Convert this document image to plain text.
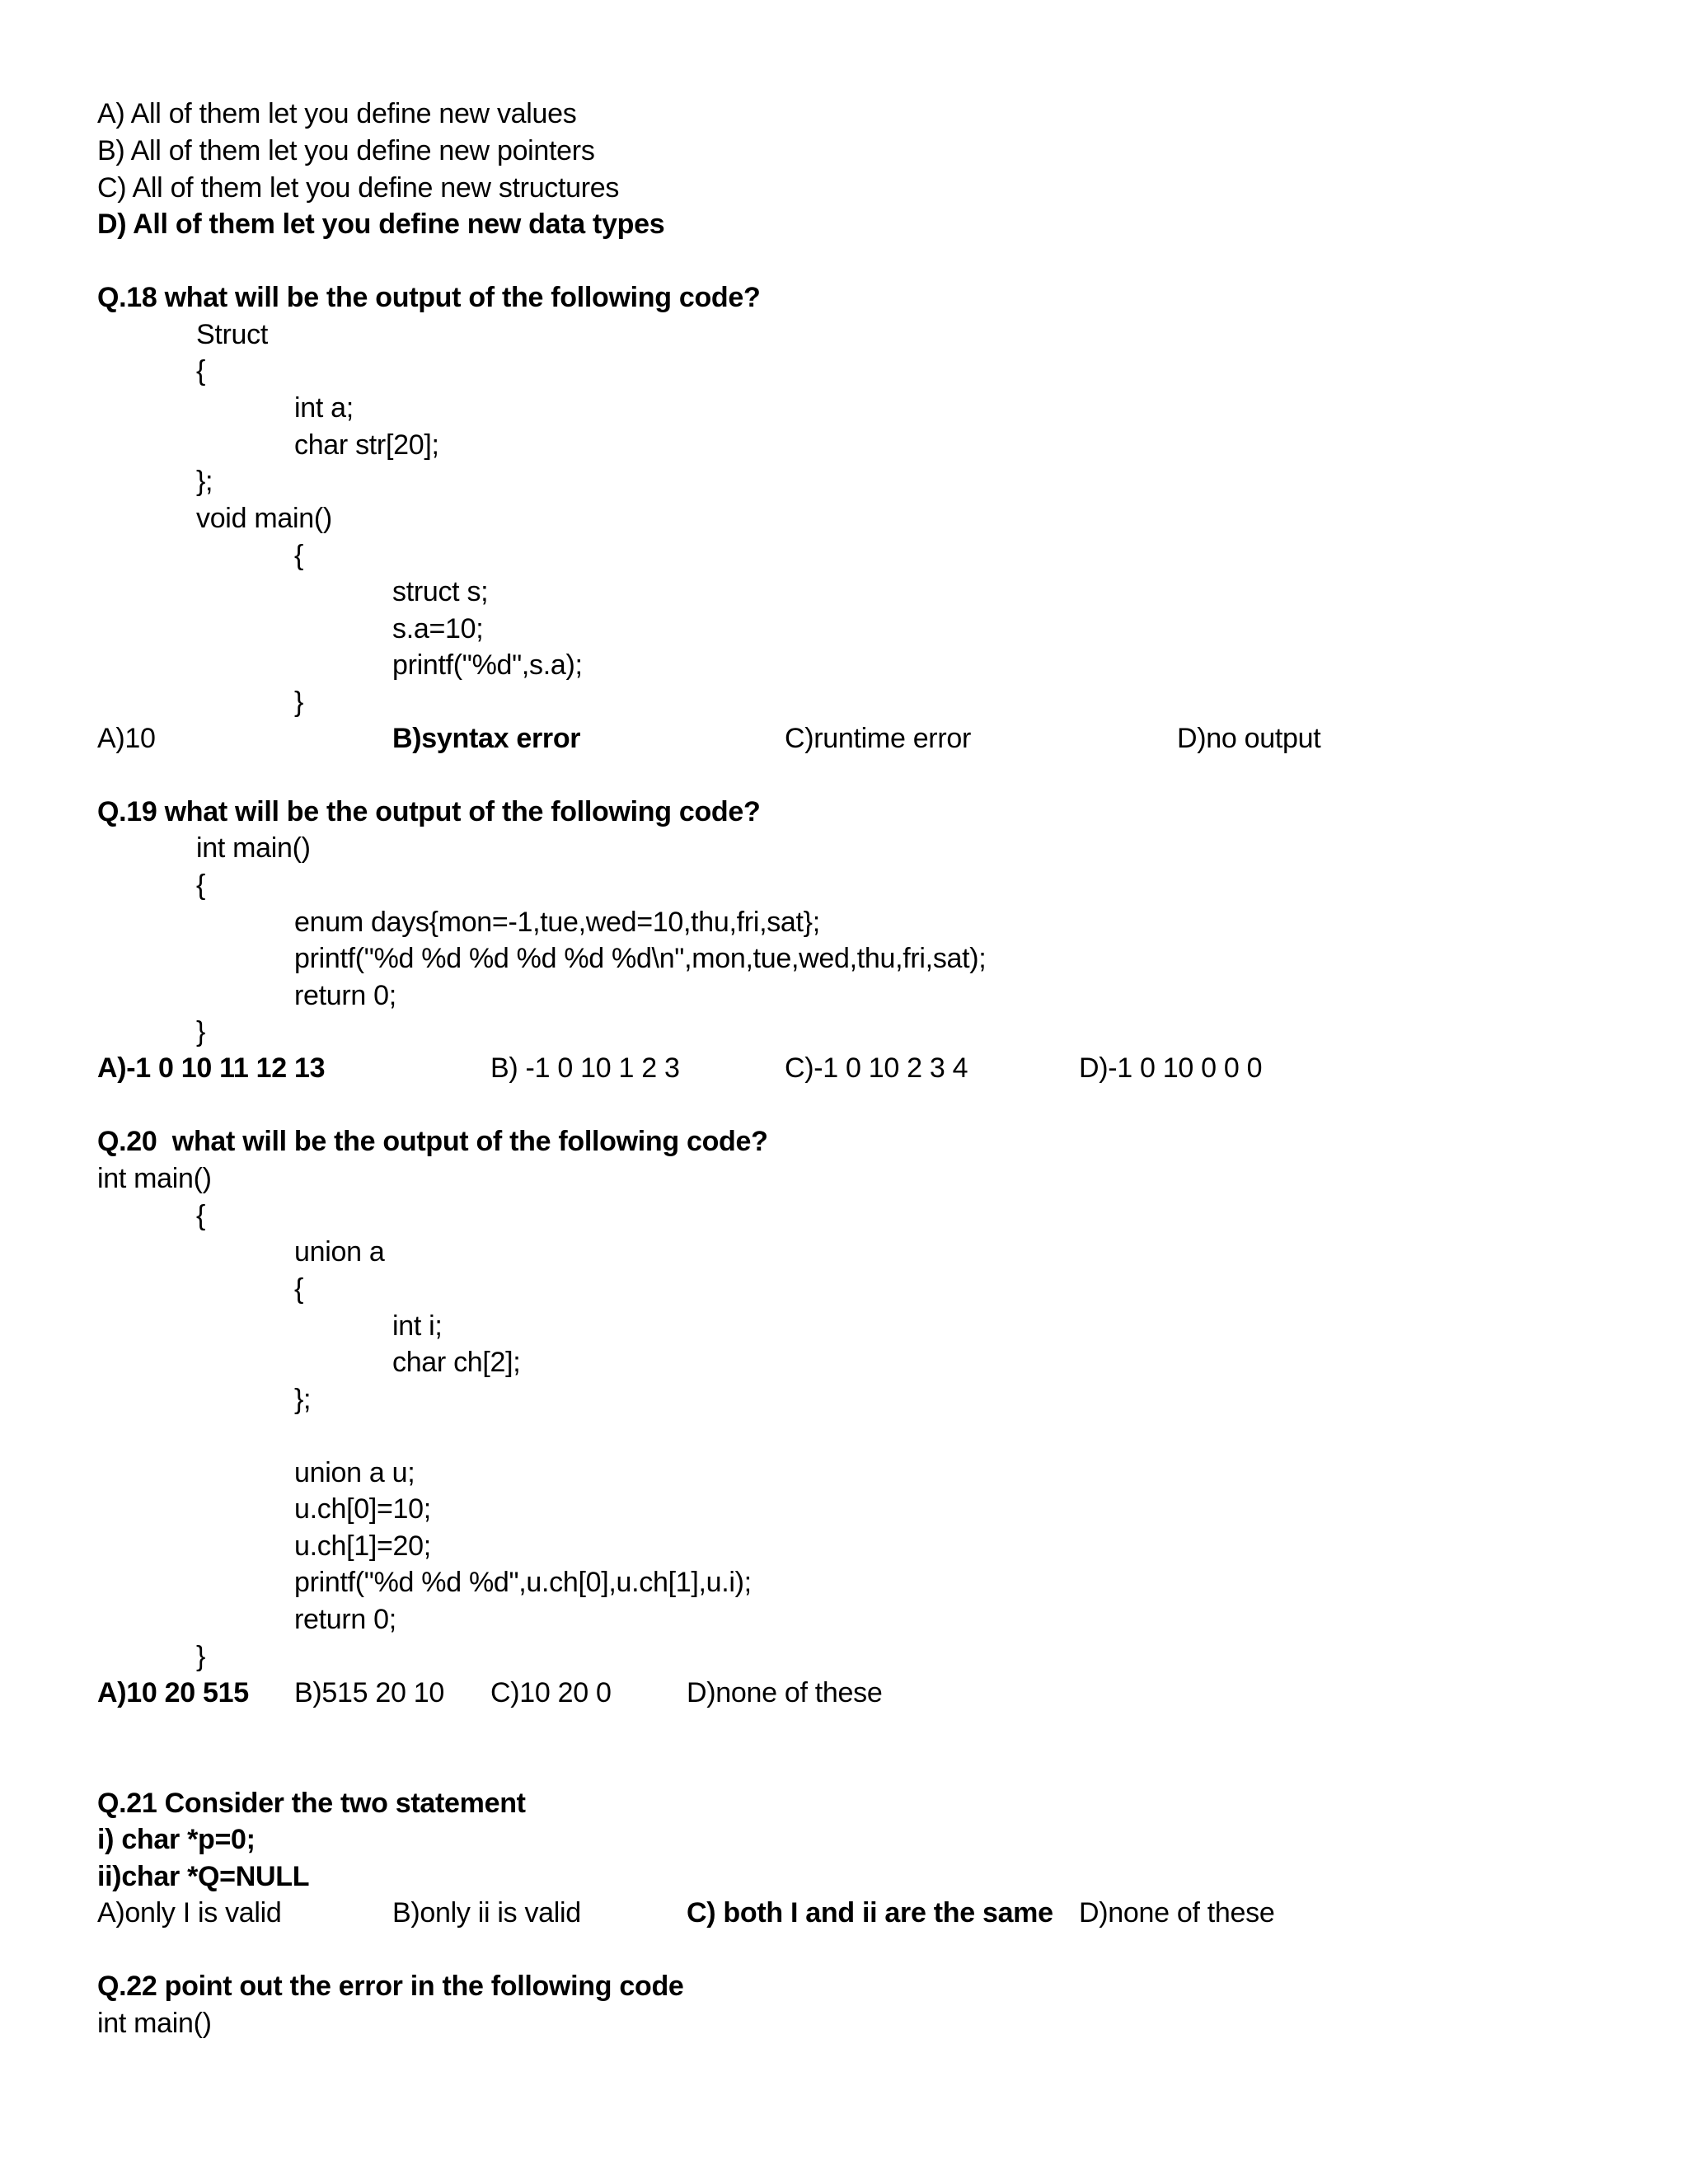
A) All of them let you define new values
B) All of them let you define new pointers
C) All of them let you define new structures
D) All of them let you define new data types
Q.18 what will be the output of the following code?
Struct
{
int a;
char str[20];
};
void main()
{
struct s;
s.a=10;
printf("%d",s.a);
}
A)10	B)syntax error	C)runtime error	D)no output
Q.19 what will be the output of the following code?
int main()
{
enum days{mon=-1,tue,wed=10,thu,fri,sat};
printf("%d %d %d %d %d %d\n",mon,tue,wed,thu,fri,sat);
return 0;
}
A)-1 0 10 11 12 13	B) -1 0 10 1 2 3	C)-1 0 10 2 3 4	D)-1 0 10 0 0 0
Q.20  what will be the output of the following code?
int main()
{
union a
{
int i;
char ch[2];
};
union a u;
u.ch[0]=10;
u.ch[1]=20;
printf("%d %d %d",u.ch[0],u.ch[1],u.i);
return 0;
}
A)10 20 515 B)515 20 10 C)10 20 0	D)none of these
Q.21 Consider the two statement
i) char *p=0;
ii)char *Q=NULL
A)only I is valid	B)only ii is valid	C) both I and ii are the same D)none of these
Q.22 point out the error in the following code
int main()
